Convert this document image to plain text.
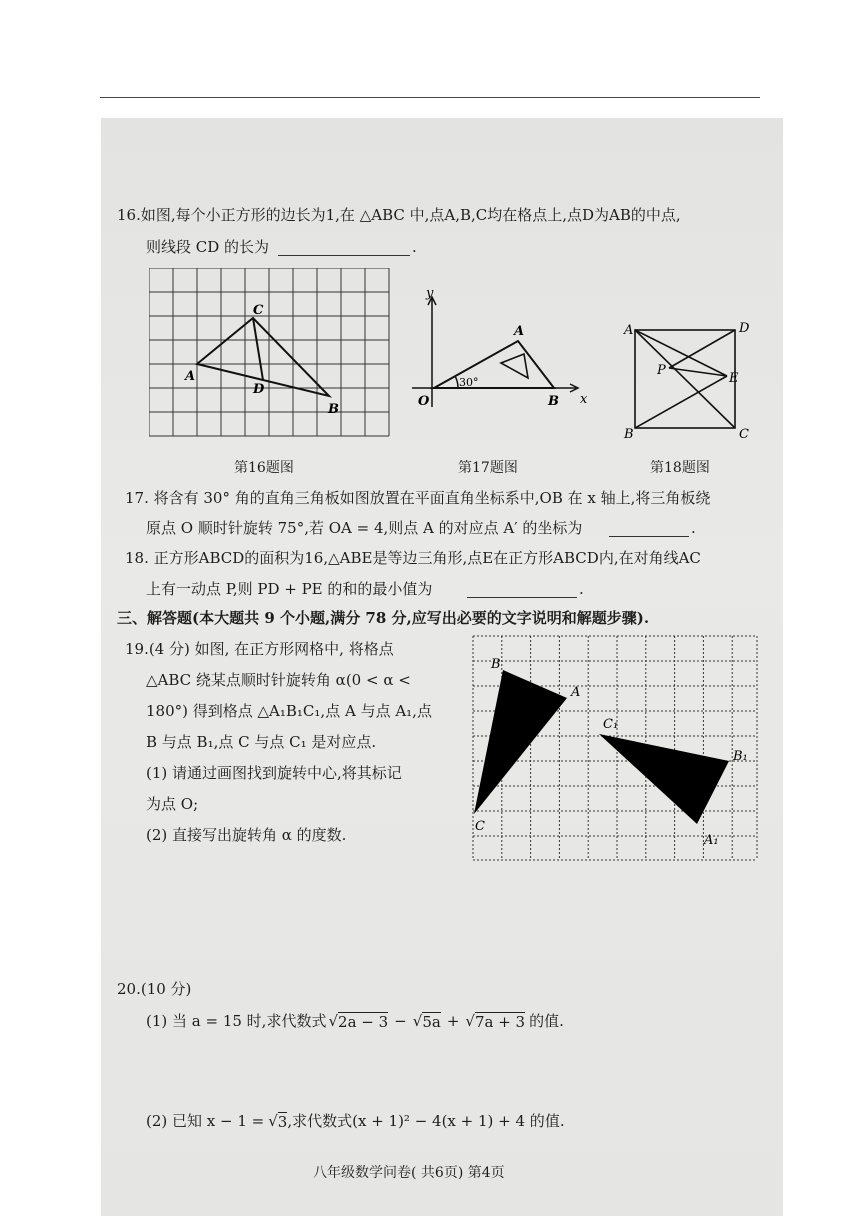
16.如图,每个小正方形的边长为1,在 △ABC 中,点A,B,C均在格点上,点D为AB的中点,
则线段 CD 的长为	.
C
A
D
B
第16题图
y
x
O
A
B
30°
第17题图
A	D
P
E
B	C
第18题图
17. 将含有 30° 角的直角三角板如图放置在平面直角坐标系中,OB 在 x 轴上,将三角板绕
原点 O 顺时针旋转 75°,若 OA = 4,则点 A 的对应点 A′ 的坐标为	.
18. 正方形ABCD的面积为16,△ABE是等边三角形,点E在正方形ABCD内,在对角线AC
上有一动点 P,则 PD + PE 的和的最小值为	.
三、解答题(本大题共 9 个小题,满分 78 分,应写出必要的文字说明和解题步骤).
19.(4 分) 如图, 在正方形网格中, 将格点
△ABC 绕某点顺时针旋转角 α(0 < α <
180°) 得到格点 △A₁B₁C₁,点 A 与点 A₁,点
B 与点 B₁,点 C 与点 C₁ 是对应点.
(1) 请通过画图找到旋转中心,将其标记
为点 O;
(2) 直接写出旋转角 α 的度数.
B
A
C
C₁
B₁
A₁
20.(10 分)
(1) 当 a = 15 时,求代数式 √ 2a − 3 − √ 5a + √ 7a + 3 的值.
(2) 已知 x − 1 = √ 3 ,求代数式(x + 1)² − 4(x + 1) + 4 的值.
八年级数学问卷( 共6页) 第4页
